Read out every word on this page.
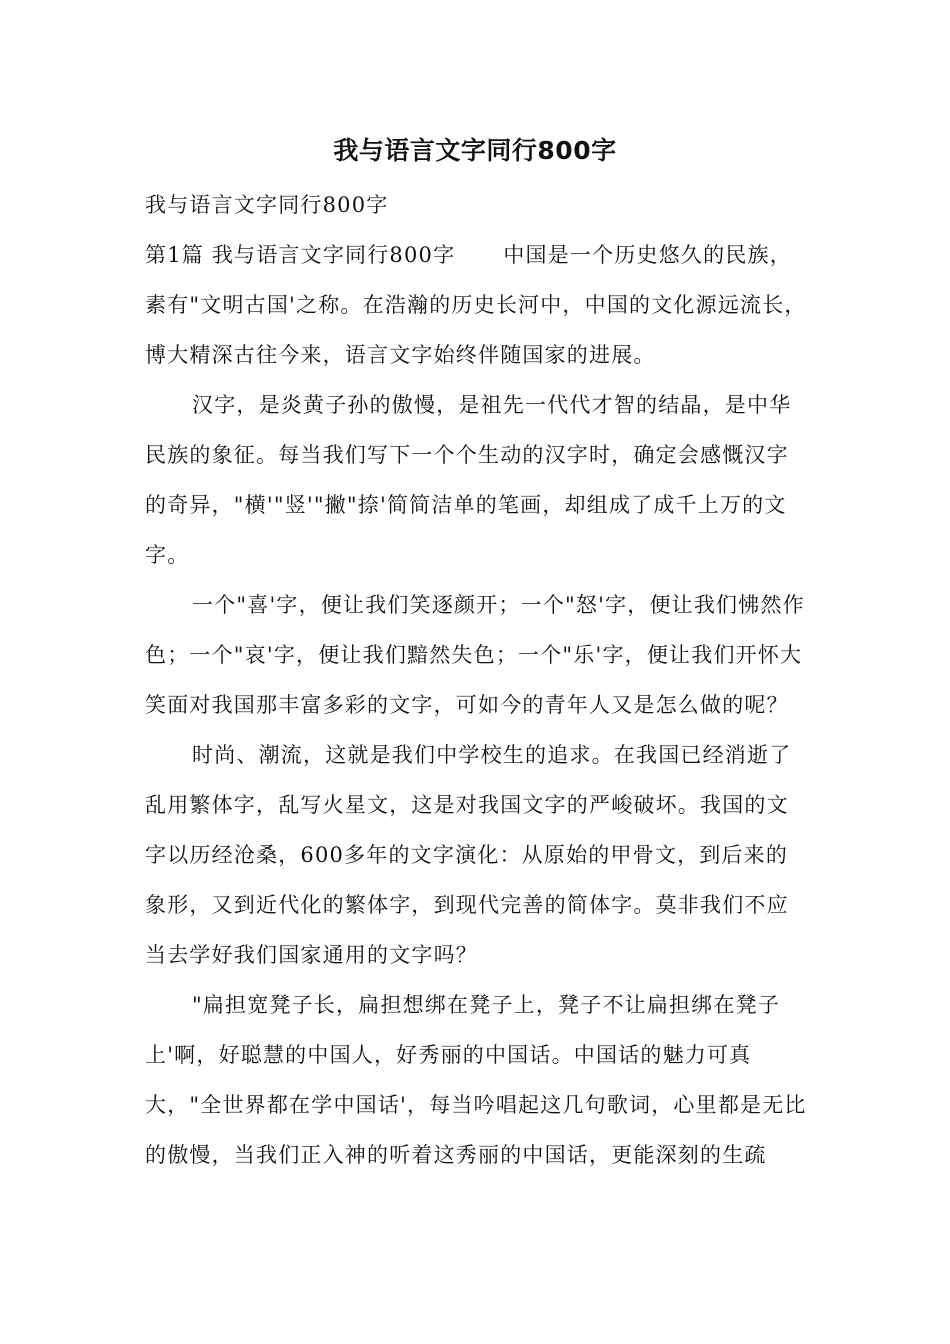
我与语言文字同行800字

我与语言文字同行800字

第1篇 我与语言文字同行800字 中国是一个历史悠久的民族，素有"文明古国'之称。在浩瀚的历史长河中，中国的文化源远流长，博大精深古往今来，语言文字始终伴随国家的进展。

汉字，是炎黄子孙的傲慢，是祖先一代代才智的结晶，是中华民族的象征。每当我们写下一个个生动的汉字时，确定会感慨汉字的奇异，"横'"竖'"撇"捺'简简洁单的笔画，却组成了成千上万的文字。

一个"喜'字，便让我们笑逐颜开；一个"怒'字，便让我们怫然作色；一个"哀'字，便让我们黯然失色；一个"乐'字，便让我们开怀大笑面对我国那丰富多彩的文字，可如今的青年人又是怎么做的呢？

时尚、潮流，这就是我们中学校生的追求。在我国已经消逝了乱用繁体字，乱写火星文，这是对我国文字的严峻破坏。我国的文字以历经沧桑，600多年的文字演化：从原始的甲骨文，到后来的象形，又到近代化的繁体字，到现代完善的简体字。莫非我们不应当去学好我们国家通用的文字吗？

"扁担宽凳子长，扁担想绑在凳子上，凳子不让扁担绑在凳子上'啊，好聪慧的中国人，好秀丽的中国话。中国话的魅力可真大，"全世界都在学中国话'，每当吟唱起这几句歌词，心里都是无比的傲慢，当我们正入神的听着这秀丽的中国话，更能深刻的生疏
